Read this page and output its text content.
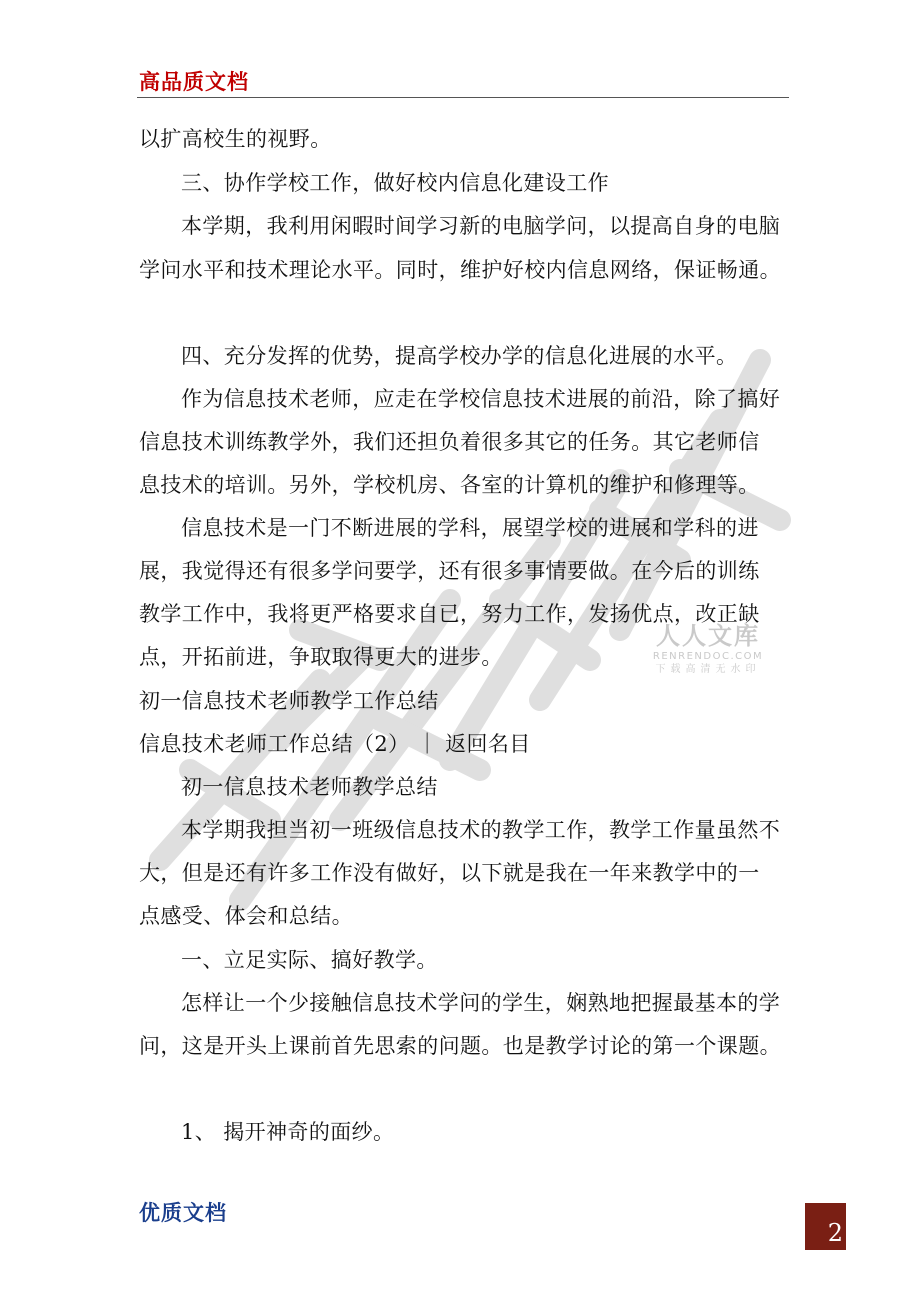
高品质文档
以扩高校生的视野。
三、协作学校工作，做好校内信息化建设工作
本学期，我利用闲暇时间学习新的电脑学问，以提高自身的电脑
学问水平和技术理论水平。同时，维护好校内信息网络，保证畅通。
四、充分发挥的优势，提高学校办学的信息化进展的水平。
作为信息技术老师，应走在学校信息技术进展的前沿，除了搞好
信息技术训练教学外，我们还担负着很多其它的任务。其它老师信
息技术的培训。另外，学校机房、各室的计算机的维护和修理等。
信息技术是一门不断进展的学科，展望学校的进展和学科的进
展，我觉得还有很多学问要学，还有很多事情要做。在今后的训练
教学工作中，我将更严格要求自已，努力工作，发扬优点，改正缺
点，开拓前进，争取取得更大的进步。
初一信息技术老师教学工作总结
信息技术老师工作总结（2） ｜ 返回名目
初一信息技术老师教学总结
本学期我担当初一班级信息技术的教学工作，教学工作量虽然不
大，但是还有许多工作没有做好，以下就是我在一年来教学中的一
点感受、体会和总结。
一、立足实际、搞好教学。
怎样让一个少接触信息技术学问的学生，娴熟地把握最基本的学
问，这是开头上课前首先思索的问题。也是教学讨论的第一个课题。
1、 揭开神奇的面纱。
人人文库
RENRENDOC.COM
下载高清无水印
优质文档
2
